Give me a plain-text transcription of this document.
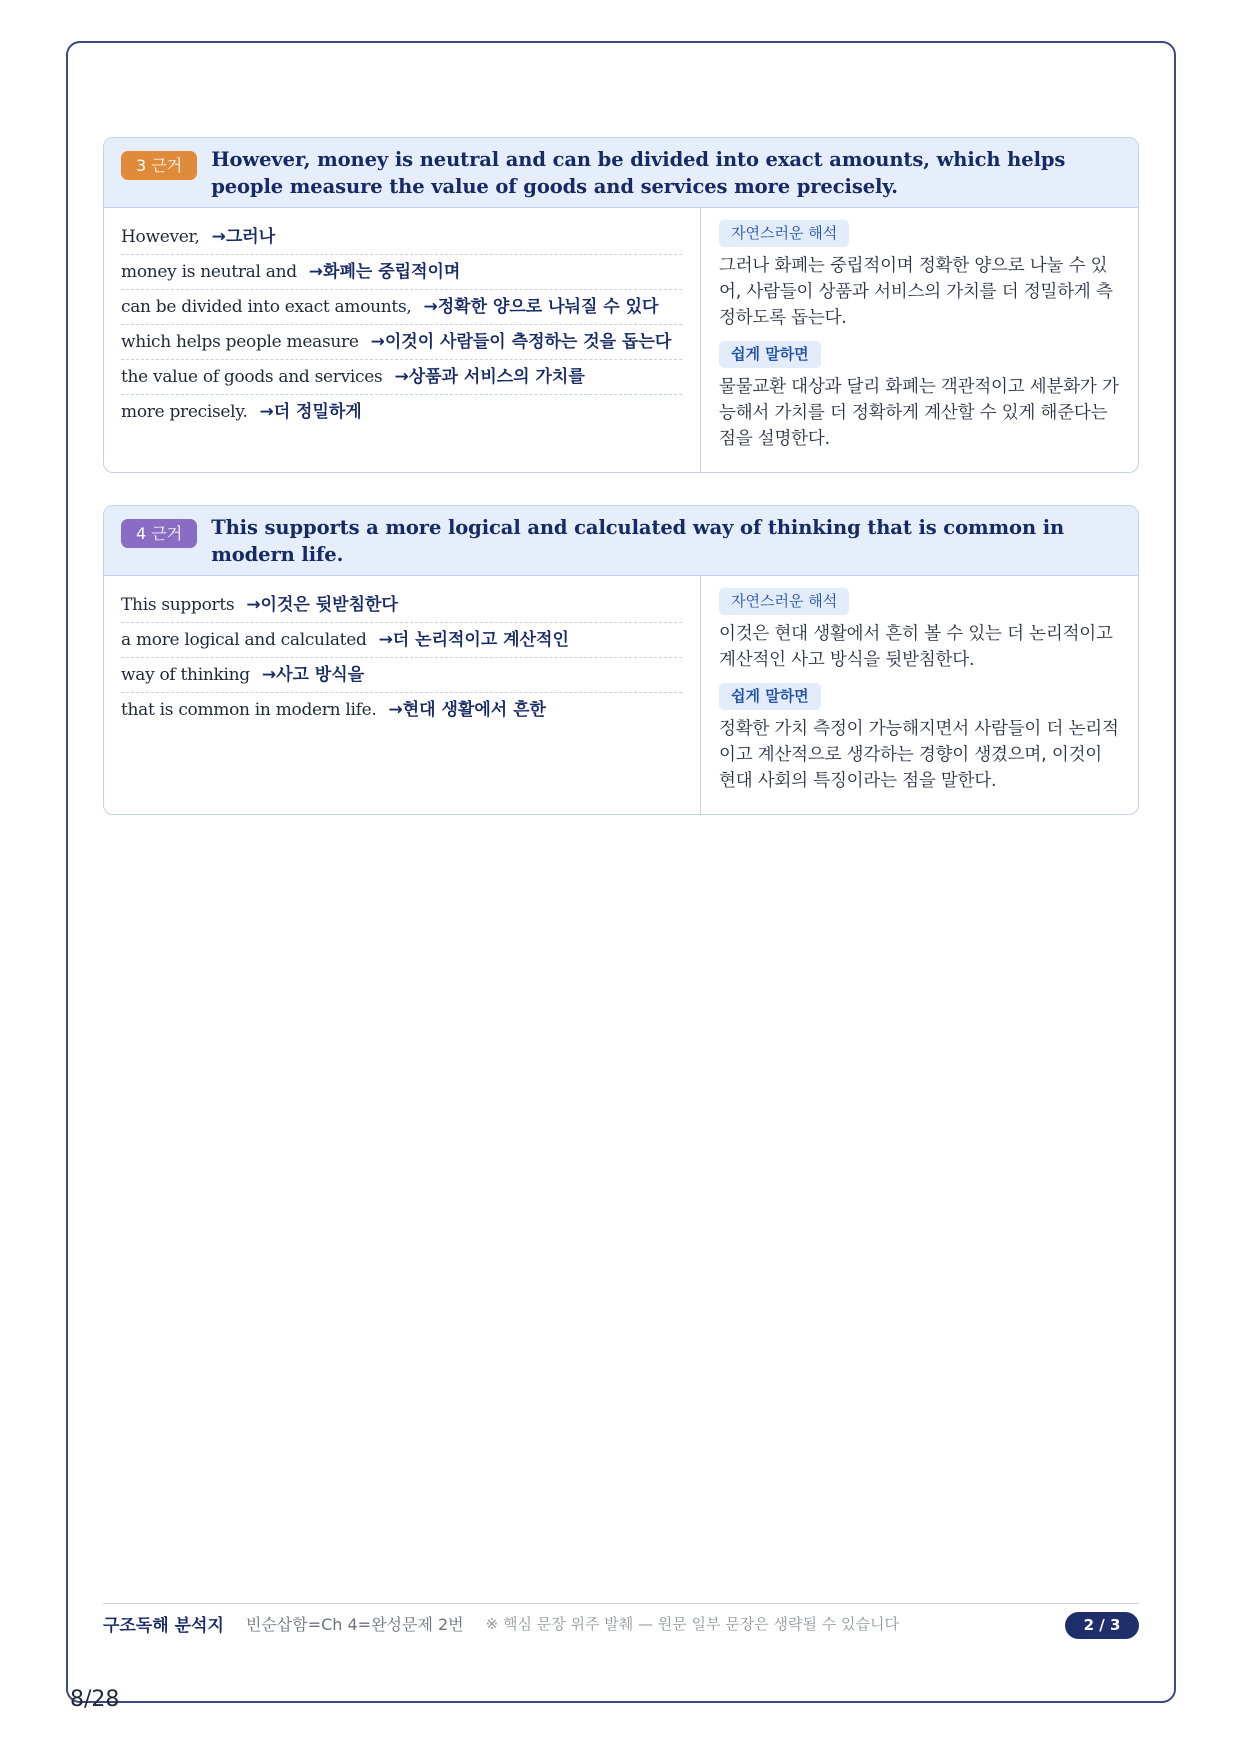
3 근거	However, money is neutral and can be divided into exact amounts, which helps people measure the value of goods and services more precisely.
However, →그러나
money is neutral and →화폐는 중립적이며
can be divided into exact amounts, →정확한 양으로 나눠질 수 있다
which helps people measure →이것이 사람들이 측정하는 것을 돕는다
the value of goods and services →상품과 서비스의 가치를
more precisely. →더 정밀하게
자연스러운 해석
그러나 화폐는 중립적이며 정확한 양으로 나눌 수 있어, 사람들이 상품과 서비스의 가치를 더 정밀하게 측정하도록 돕는다.
쉽게 말하면
물물교환 대상과 달리 화폐는 객관적이고 세분화가 가능해서 가치를 더 정확하게 계산할 수 있게 해준다는 점을 설명한다.
4 근거	This supports a more logical and calculated way of thinking that is common in modern life.
This supports →이것은 뒷받침한다
a more logical and calculated →더 논리적이고 계산적인
way of thinking →사고 방식을
that is common in modern life. →현대 생활에서 흔한
자연스러운 해석
이것은 현대 생활에서 흔히 볼 수 있는 더 논리적이고 계산적인 사고 방식을 뒷받침한다.
쉽게 말하면
정확한 가치 측정이 가능해지면서 사람들이 더 논리적이고 계산적으로 생각하는 경향이 생겼으며, 이것이 현대 사회의 특징이라는 점을 말한다.
구조독해 분석지 빈순삽함=Ch 4=완성문제 2번 ※ 핵심 문장 위주 발췌 — 원문 일부 문장은 생략될 수 있습니다	2 / 3
8/28
